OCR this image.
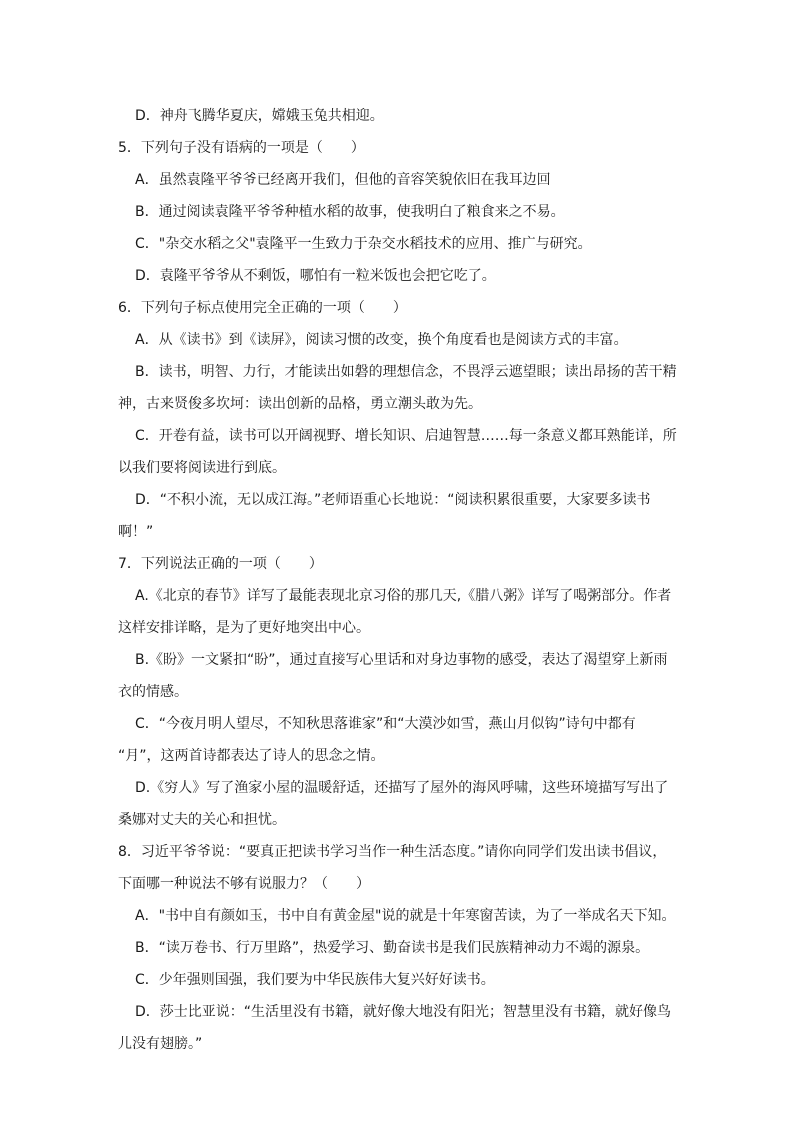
D．神舟飞腾华夏庆，嫦娥玉兔共相迎。
5．下列句子没有语病的一项是（　　）
A．虽然袁隆平爷爷已经离开我们，但他的音容笑貌依旧在我耳边回
B．通过阅读袁隆平爷爷种植水稻的故事，使我明白了粮食来之不易。
C．"杂交水稻之父"袁隆平一生致力于杂交水稻技术的应用、推广与研究。
D．袁隆平爷爷从不剩饭，哪怕有一粒米饭也会把它吃了。
6．下列句子标点使用完全正确的一项（　　）
A．从《读书》到《读屏》，阅读习惯的改变，换个角度看也是阅读方式的丰富。
B．读书，明智、力行，才能读出如磐的理想信念，不畏浮云遮望眼；读出昂扬的苦干精
神，古来贤俊多坎坷：读出创新的品格，勇立潮头敢为先。
C．开卷有益，读书可以开阔视野、增长知识、启迪智慧……每一条意义都耳熟能详，所
以我们要将阅读进行到底。
D．“不积小流，无以成江海。”老师语重心长地说：“阅读积累很重要，大家要多读书
啊！”
7．下列说法正确的一项（　　）
A.《北京的春节》详写了最能表现北京习俗的那几天,《腊八粥》详写了喝粥部分。作者
这样安排详略，是为了更好地突出中心。
B.《盼》一文紧扣“盼”，通过直接写心里话和对身边事物的感受，表达了渴望穿上新雨
衣的情感。
C．“今夜月明人望尽，不知秋思落谁家”和“大漠沙如雪，燕山月似钩”诗句中都有
“月”，这两首诗都表达了诗人的思念之情。
D.《穷人》写了渔家小屋的温暖舒适，还描写了屋外的海风呼啸，这些环境描写写出了
桑娜对丈夫的关心和担忧。
8．习近平爷爷说：“要真正把读书学习当作一种生活态度。”请你向同学们发出读书倡议，
下面哪一种说法不够有说服力？（　　）
A．"书中自有颜如玉，书中自有黄金屋"说的就是十年寒窗苦读，为了一举成名天下知。
B．“读万卷书、行万里路”，热爱学习、勤奋读书是我们民族精神动力不竭的源泉。
C．少年强则国强，我们要为中华民族伟大复兴好好读书。
D．莎士比亚说：“生活里没有书籍，就好像大地没有阳光；智慧里没有书籍，就好像鸟
儿没有翅膀。”
